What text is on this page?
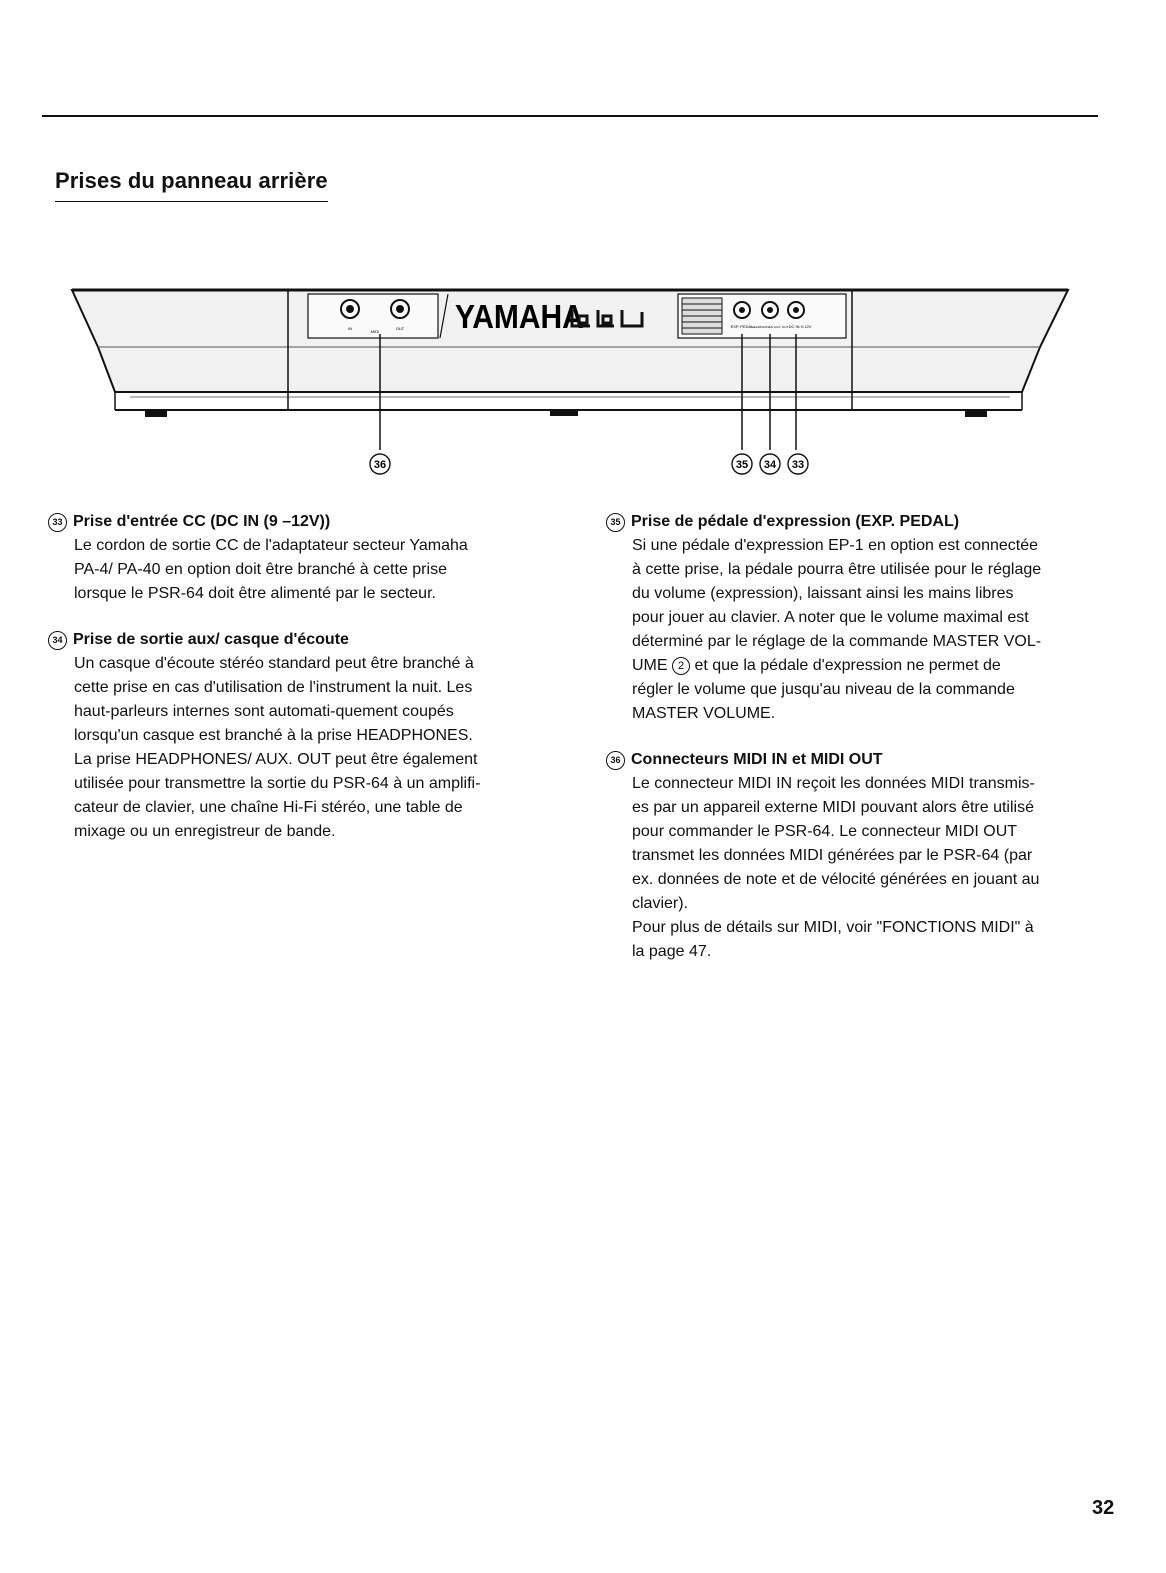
Prises du panneau arrière
IN
MIDI
OUT YAMAHA	EXP. PEDAL
HEADPHONES/ AUX. OUT DC IN 9-12V
36	35 34 33
33 Prise d'entrée CC (DC IN (9 –12V))

Le cordon de sortie CC de l'adaptateur secteur Yamaha

PA-4/ PA-40 en option doit être branché à cette prise

lorsque le PSR-64 doit être alimenté par le secteur.

34 Prise de sortie aux/ casque d'écoute

Un casque d'écoute stéréo standard peut être branché à

cette prise en cas d'utilisation de l'instrument la nuit. Les

haut-parleurs internes sont automati-quement coupés

lorsqu'un casque est branché à la prise HEADPHONES.

La prise HEADPHONES/ AUX. OUT peut être également

utilisée pour transmettre la sortie du PSR-64 à un amplifi-

cateur de clavier, une chaîne Hi-Fi stéréo, une table de

mixage ou un enregistreur de bande.

35 Prise de pédale d'expression (EXP. PEDAL)

Si une pédale d'expression EP-1 en option est connectée

à cette prise, la pédale pourra être utilisée pour le réglage

du volume (expression), laissant ainsi les mains libres

pour jouer au clavier. A noter que le volume maximal est

déterminé par le réglage de la commande MASTER VOL-

UME 2 et que la pédale d'expression ne permet de

régler le volume que jusqu'au niveau de la commande

MASTER VOLUME.

36 Connecteurs MIDI IN et MIDI OUT

Le connecteur MIDI IN reçoit les données MIDI transmis-

es par un appareil externe MIDI pouvant alors être utilisé

pour commander le PSR-64. Le connecteur MIDI OUT

transmet les données MIDI générées par le PSR-64 (par

ex. données de note et de vélocité générées en jouant au

clavier).

Pour plus de détails sur MIDI, voir "FONCTIONS MIDI" à

la page 47.

32
